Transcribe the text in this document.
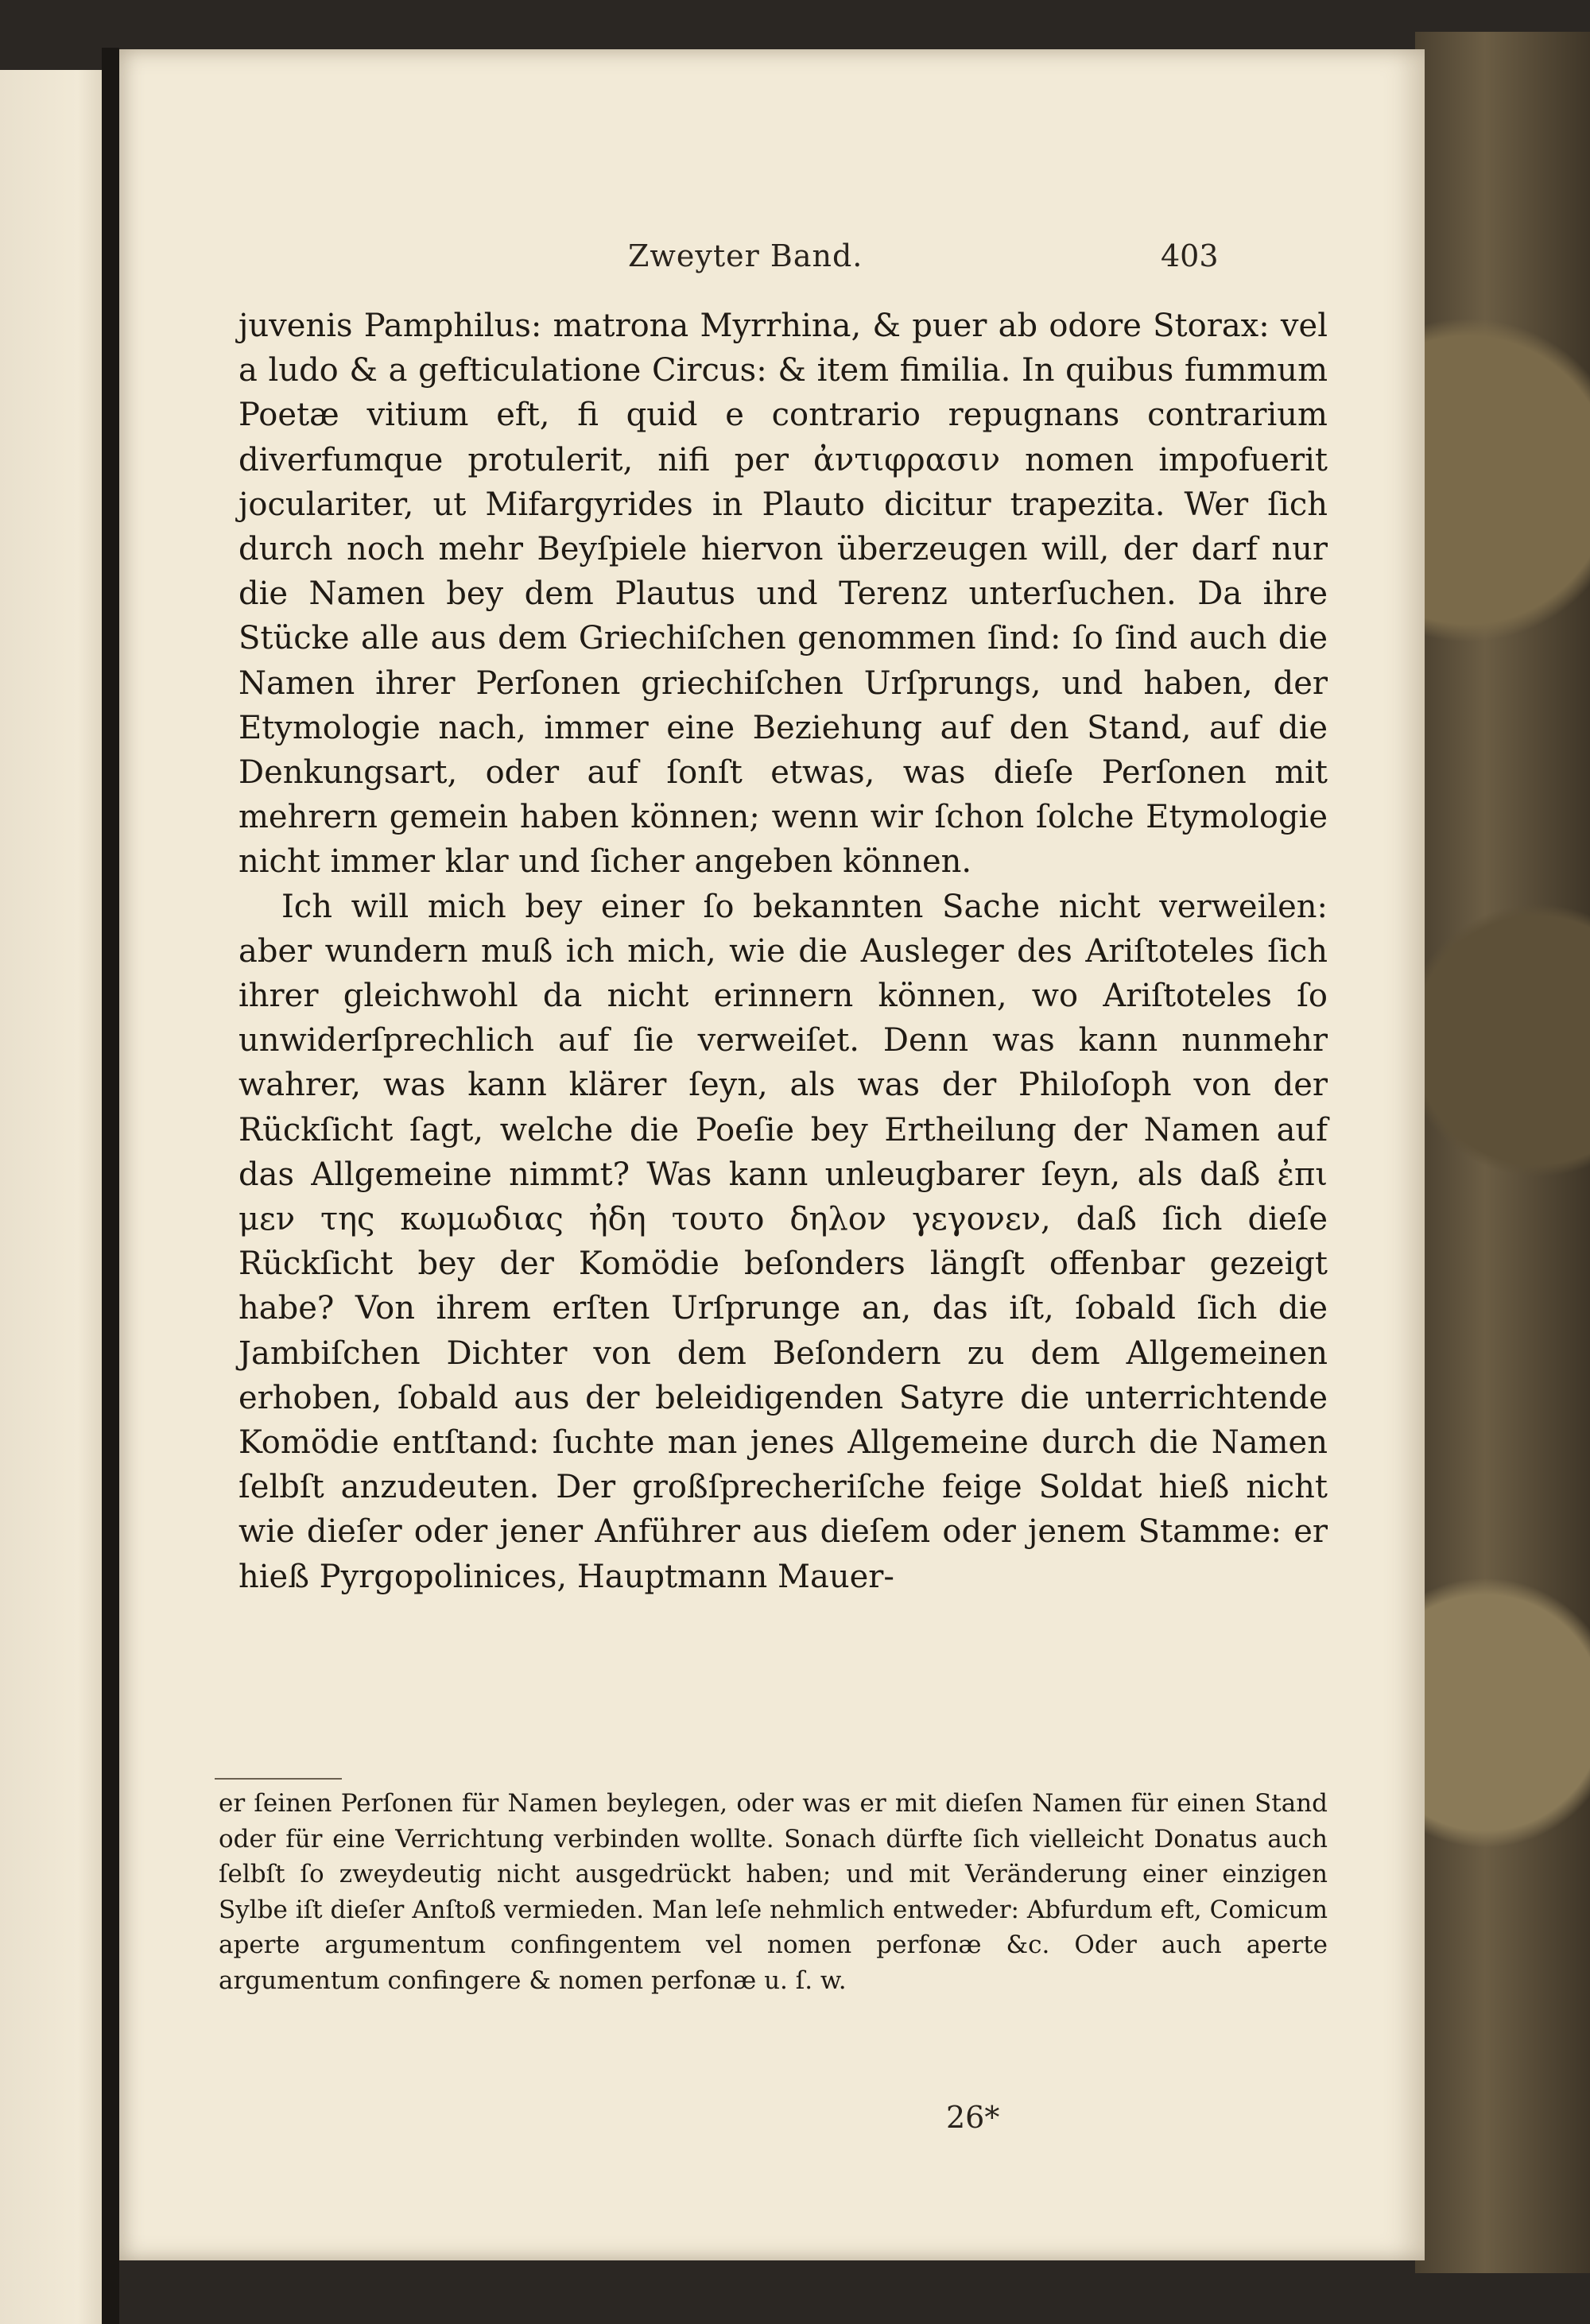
Zweyter Band.	403

juvenis Pamphilus: matrona Myrrhina, & puer ab odore Storax: vel a ludo & a gefticulatione Circus: & item fimilia. In quibus fummum Poetæ vitium eft, fi quid e contrario repugnans contrarium diverfumque protulerit, nifi per ἀντιφρασιν nomen impofuerit joculariter, ut Mifargyrides in Plauto dicitur trapezita. Wer ſich durch noch mehr Beyſpiele hiervon überzeugen will, der darf nur die Namen bey dem Plautus und Terenz unterſuchen. Da ihre Stücke alle aus dem Griechiſchen genommen ſind: ſo ſind auch die Namen ihrer Perſonen griechiſchen Urſprungs, und haben, der Etymologie nach, immer eine Beziehung auf den Stand, auf die Denkungsart, oder auf ſonſt etwas, was dieſe Perſonen mit mehrern gemein haben können; wenn wir ſchon ſolche Etymologie nicht immer klar und ſicher angeben können.

Ich will mich bey einer ſo bekannten Sache nicht verweilen: aber wundern muß ich mich, wie die Ausleger des Ariſtoteles ſich ihrer gleichwohl da nicht erinnern können, wo Ariſtoteles ſo unwiderſprechlich auf ſie verweiſet. Denn was kann nunmehr wahrer, was kann klärer ſeyn, als was der Philoſoph von der Rückſicht ſagt, welche die Poeſie bey Ertheilung der Namen auf das Allgemeine nimmt? Was kann unleugbarer ſeyn, als daß ἐπι μεν της κωμωδιας ἠδη τουτο δηλον γεγονεν, daß ſich dieſe Rückſicht bey der Komödie beſonders längſt offenbar gezeigt habe? Von ihrem erſten Urſprunge an, das iſt, ſobald ſich die Jambiſchen Dichter von dem Beſondern zu dem Allgemeinen erhoben, ſobald aus der beleidigenden Satyre die unterrichtende Komödie entſtand: ſuchte man jenes Allgemeine durch die Namen ſelbſt anzudeuten. Der großſprecheriſche feige Soldat hieß nicht wie dieſer oder jener Anführer aus dieſem oder jenem Stamme: er hieß Pyrgopolinices, Hauptmann Mauer-

er ſeinen Perſonen für Namen beylegen, oder was er mit dieſen Namen für einen Stand oder für eine Verrichtung verbinden wollte. Sonach dürfte ſich vielleicht Donatus auch ſelbſt ſo zweydeutig nicht ausgedrückt haben; und mit Veränderung einer einzigen Sylbe iſt dieſer Anſtoß vermieden. Man leſe nehmlich entweder: Abfurdum eft, Comicum aperte argumentum confingentem vel nomen perfonæ &c. Oder auch aperte argumentum confingere & nomen perfonæ u. ſ. w.
26*
